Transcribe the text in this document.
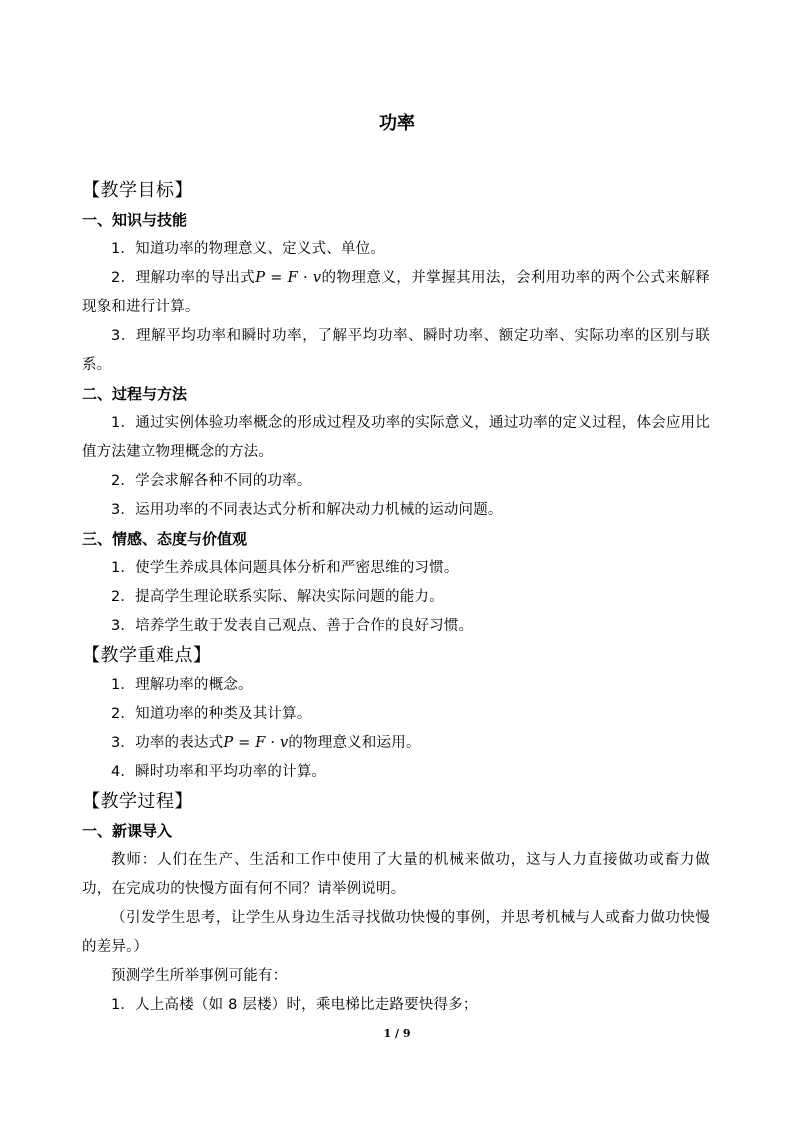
功率
【教学目标】
一、知识与技能

1．知道功率的物理意义、定义式、单位。

2．理解功率的导出式P = F · v的物理意义，并掌握其用法，会利用功率的两个公式来解释现象和进行计算。

3．理解平均功率和瞬时功率，了解平均功率、瞬时功率、额定功率、实际功率的区别与联系。

二、过程与方法

1．通过实例体验功率概念的形成过程及功率的实际意义，通过功率的定义过程，体会应用比值方法建立物理概念的方法。

2．学会求解各种不同的功率。

3．运用功率的不同表达式分析和解决动力机械的运动问题。

三、情感、态度与价值观

1．使学生养成具体问题具体分析和严密思维的习惯。

2．提高学生理论联系实际、解决实际问题的能力。

3．培养学生敢于发表自己观点、善于合作的良好习惯。

【教学重难点】

1．理解功率的概念。

2．知道功率的种类及其计算。

3．功率的表达式P = F · v的物理意义和运用。

4．瞬时功率和平均功率的计算。

【教学过程】
一、新课导入

教师：人们在生产、生活和工作中使用了大量的机械来做功，这与人力直接做功或畜力做功，在完成功的快慢方面有何不同？请举例说明。

（引发学生思考，让学生从身边生活寻找做功快慢的事例，并思考机械与人或畜力做功快慢的差异。）

预测学生所举事例可能有：

1．人上高楼（如 8 层楼）时，乘电梯比走路要快得多；

1 / 9
